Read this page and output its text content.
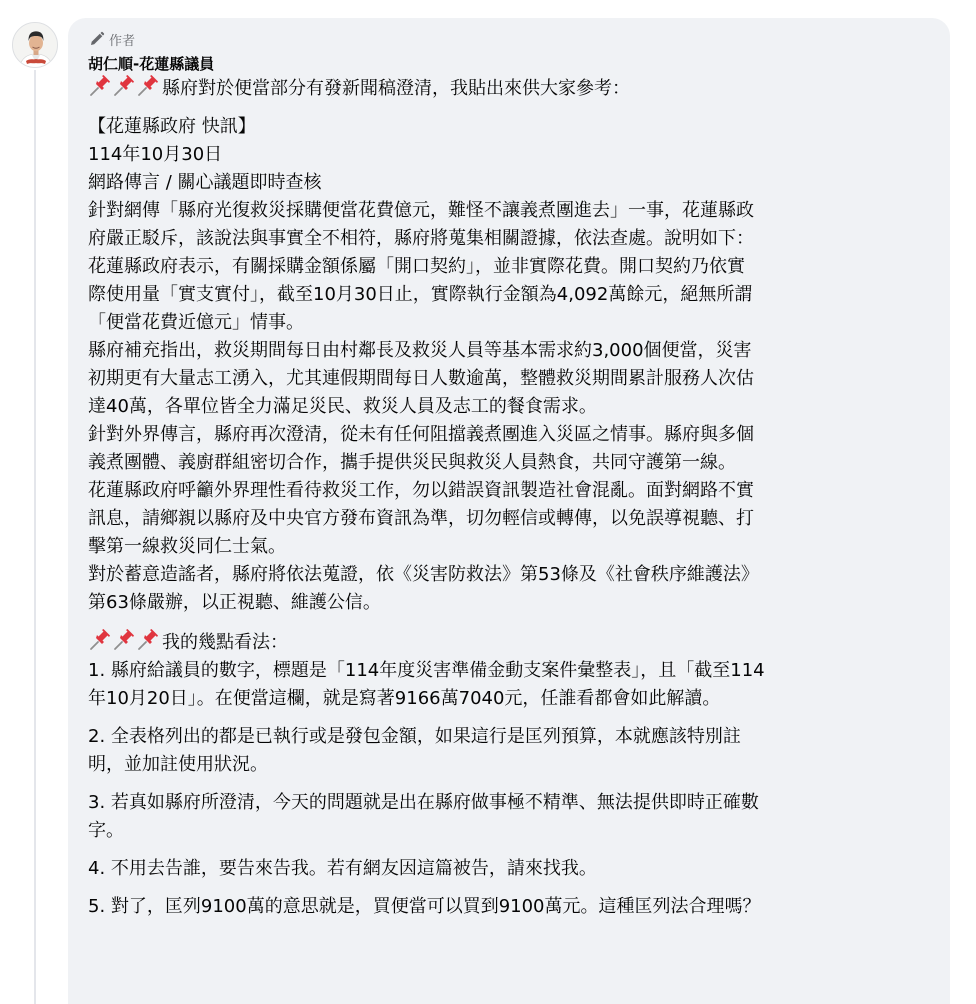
作者
胡仁順-花蓮縣議員
縣府對於便當部分有發新聞稿澄清，我貼出來供大家參考：
【花蓮縣政府 快訊】
114年10月30日
網路傳言 / 關心議題即時查核
針對網傳「縣府光復救災採購便當花費億元，難怪不讓義煮團進去」一事，花蓮縣政
府嚴正駁斥，該說法與事實全不相符，縣府將蒐集相關證據，依法查處。說明如下：
花蓮縣政府表示，有關採購金額係屬「開口契約」，並非實際花費。開口契約乃依實
際使用量「實支實付」，截至10月30日止，實際執行金額為4,092萬餘元，絕無所謂
「便當花費近億元」情事。
縣府補充指出，救災期間每日由村鄰長及救災人員等基本需求約3,000個便當，災害
初期更有大量志工湧入，尤其連假期間每日人數逾萬，整體救災期間累計服務人次估
達40萬，各單位皆全力滿足災民、救災人員及志工的餐食需求。
針對外界傳言，縣府再次澄清，從未有任何阻擋義煮團進入災區之情事。縣府與多個
義煮團體、義廚群組密切合作，攜手提供災民與救災人員熱食，共同守護第一線。
花蓮縣政府呼籲外界理性看待救災工作，勿以錯誤資訊製造社會混亂。面對網路不實
訊息，請鄉親以縣府及中央官方發布資訊為準，切勿輕信或轉傳，以免誤導視聽、打
擊第一線救災同仁士氣。
對於蓄意造謠者，縣府將依法蒐證，依《災害防救法》第53條及《社會秩序維護法》
第63條嚴辦，以正視聽、維護公信。
我的幾點看法：
1. 縣府給議員的數字，標題是「114年度災害準備金動支案件彙整表」，且「截至114
年10月20日」。在便當這欄，就是寫著9166萬7040元，任誰看都會如此解讀。
2. 全表格列出的都是已執行或是發包金額，如果這行是匡列預算，本就應該特別註
明，並加註使用狀況。
3. 若真如縣府所澄清，今天的問題就是出在縣府做事極不精準、無法提供即時正確數
字。
4. 不用去告誰，要告來告我。若有網友因這篇被告，請來找我。
5. 對了，匡列9100萬的意思就是，買便當可以買到9100萬元。這種匡列法合理嗎？
